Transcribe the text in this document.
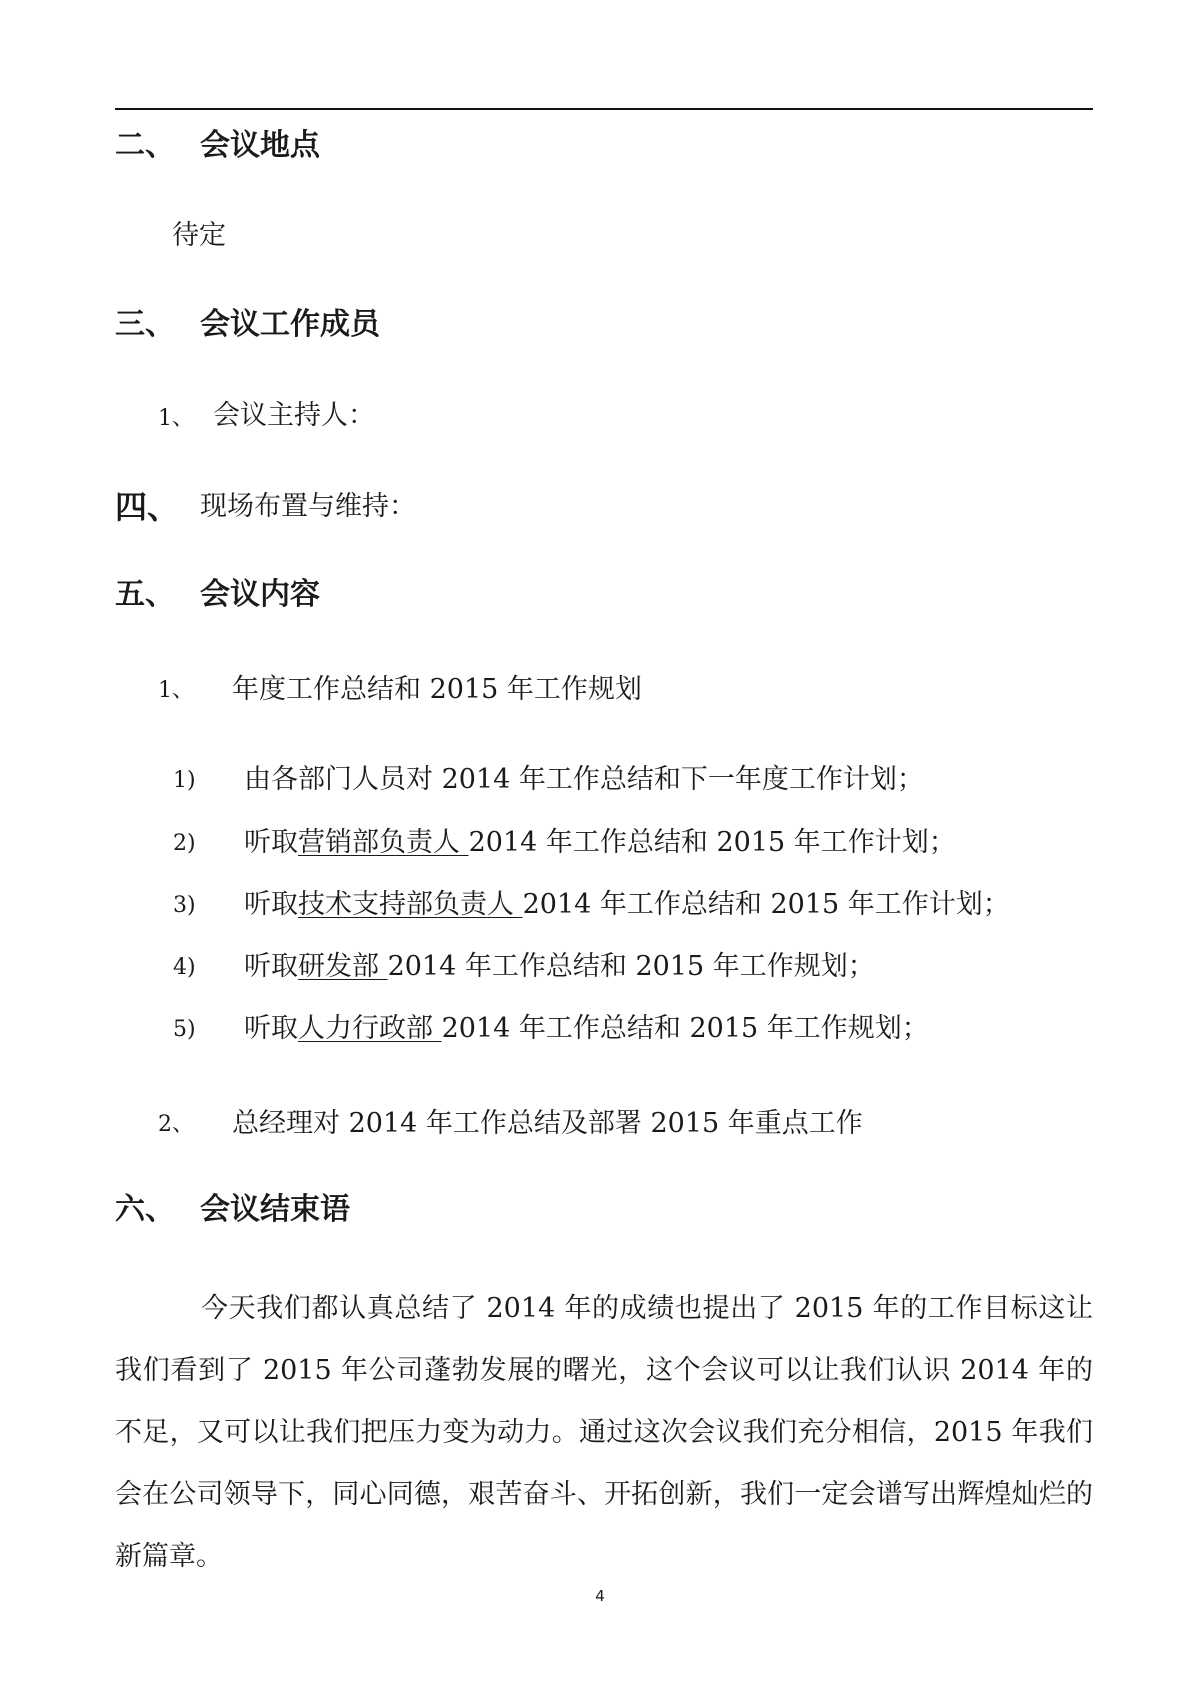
二、 会议地点
待定
三、 会议工作成员
1、 会议主持人：
四、 现场布置与维持：
五、 会议内容
1、 年度工作总结和 2015 年工作规划
1) 由各部门人员对 2014 年工作总结和下一年度工作计划；
2) 听取营销部负责人 2014 年工作总结和 2015 年工作计划；
3) 听取技术支持部负责人 2014 年工作总结和 2015 年工作计划；
4) 听取研发部 2014 年工作总结和 2015 年工作规划；
5) 听取人力行政部 2014 年工作总结和 2015 年工作规划；
2、 总经理对 2014 年工作总结及部署 2015 年重点工作
六、 会议结束语

今天我们都认真总结了 2014 年的成绩也提出了 2015 年的工作目标这让我们看到了 2015 年公司蓬勃发展的曙光，这个会议可以让我们认识 2014 年的不足，又可以让我们把压力变为动力。通过这次会议我们充分相信，2015 年我们会在公司领导下，同心同德，艰苦奋斗、开拓创新，我们一定会谱写出辉煌灿烂的新篇章。

4
